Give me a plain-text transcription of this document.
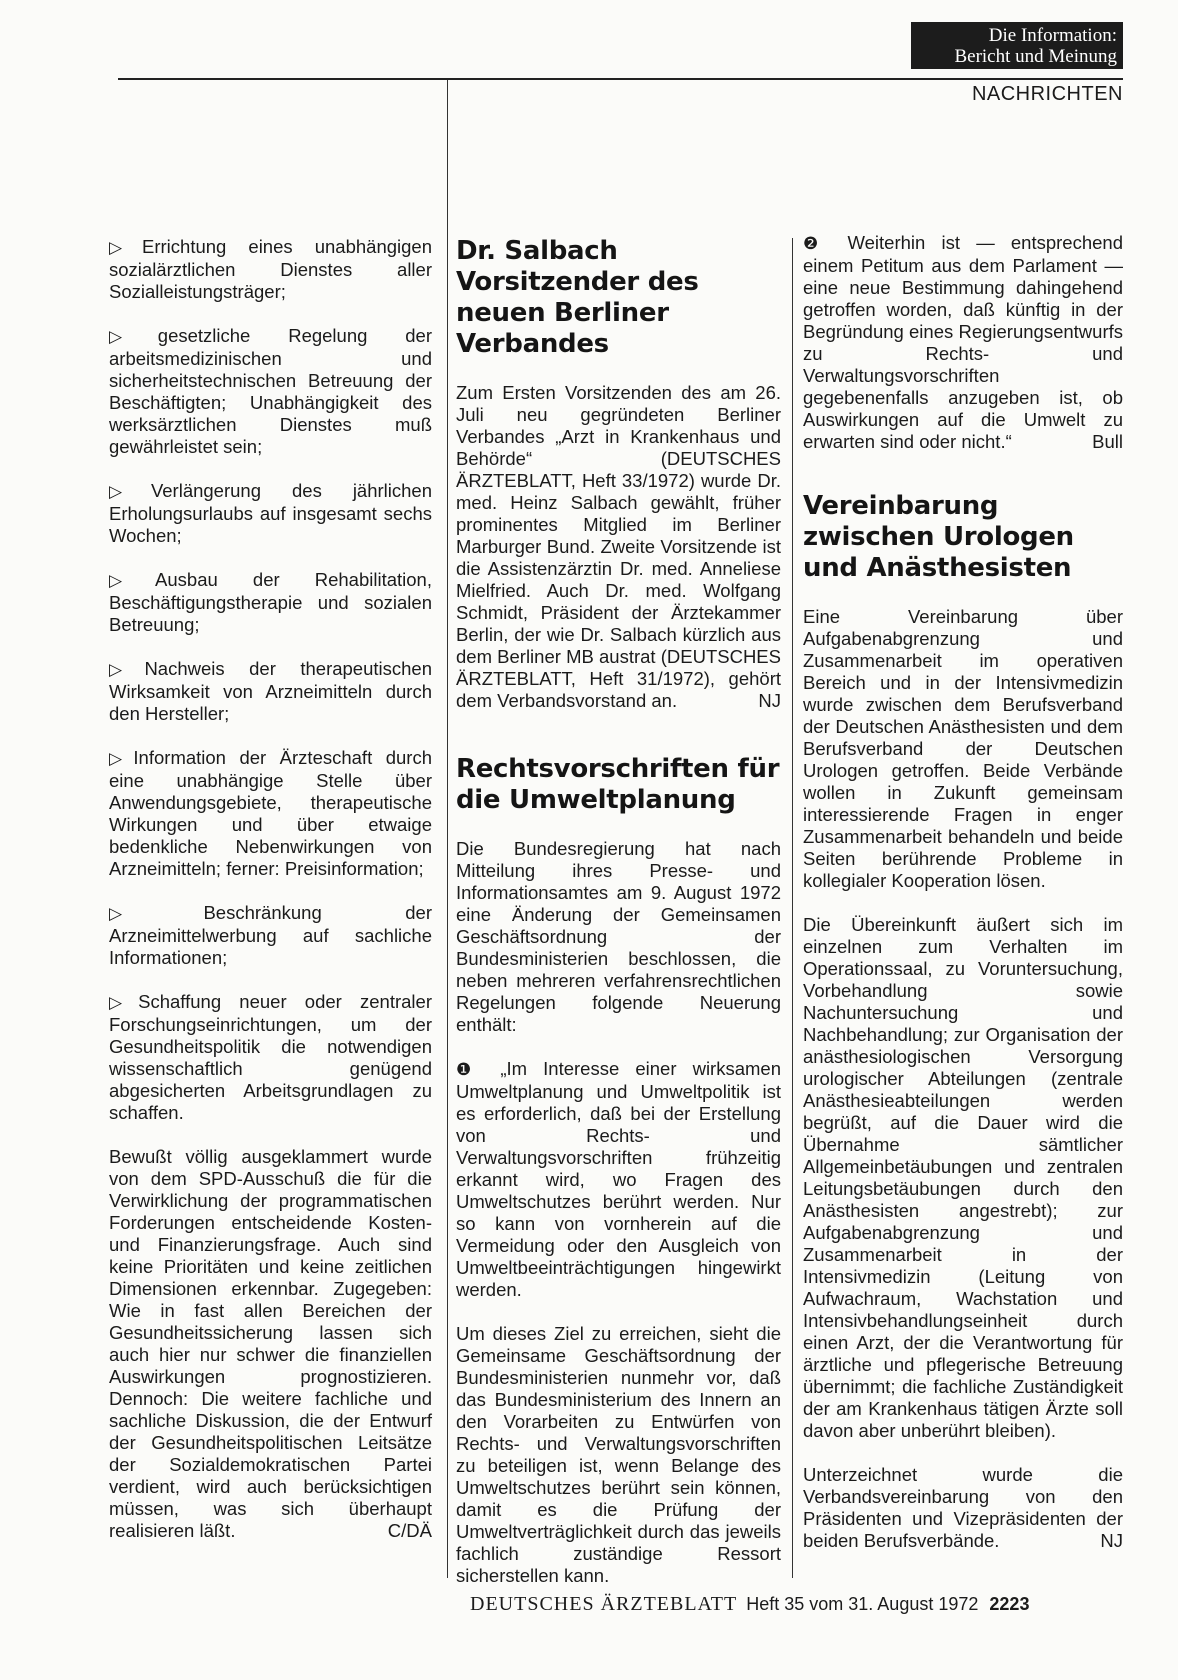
Die Information:
Bericht und Meinung
NACHRICHTEN

▷ Errichtung eines unabhängigen sozialärztlichen Dienstes aller Sozialleistungsträger;

▷ gesetzliche Regelung der arbeitsmedizinischen und sicherheitstechnischen Betreuung der Beschäftigten; Unabhängigkeit des werksärztlichen Dienstes muß gewährleistet sein;

▷ Verlängerung des jährlichen Erholungsurlaubs auf insgesamt sechs Wochen;

▷ Ausbau der Rehabilitation, Beschäftigungstherapie und sozialen Betreuung;

▷ Nachweis der therapeutischen Wirksamkeit von Arzneimitteln durch den Hersteller;

▷ Information der Ärzteschaft durch eine unabhängige Stelle über Anwendungsgebiete, therapeutische Wirkungen und über etwaige bedenkliche Nebenwirkungen von Arzneimitteln; ferner: Preisinformation;

▷ Beschränkung der Arzneimittelwerbung auf sachliche Informationen;

▷ Schaffung neuer oder zentraler Forschungseinrichtungen, um der Gesundheitspolitik die notwendigen wissenschaftlich genügend abgesicherten Arbeitsgrundlagen zu schaffen.

Bewußt völlig ausgeklammert wurde von dem SPD-Ausschuß die für die Verwirklichung der programmatischen Forderungen entscheidende Kosten- und Finanzierungsfrage. Auch sind keine Prioritäten und keine zeitlichen Dimensionen erkennbar. Zugegeben: Wie in fast allen Bereichen der Gesundheitssicherung lassen sich auch hier nur schwer die finanziellen Auswirkungen prognostizieren. Dennoch: Die weitere fachliche und sachliche Diskussion, die der Entwurf der Gesundheitspolitischen Leitsätze der Sozialdemokratischen Partei verdient, wird auch berücksichtigen müssen, was sich überhaupt realisieren läßt.	C/DÄ

Dr. Salbach Vorsitzender des neuen Berliner Verbandes

Zum Ersten Vorsitzenden des am 26. Juli neu gegründeten Berliner Verbandes „Arzt in Krankenhaus und Behörde“ (DEUTSCHES ÄRZTEBLATT, Heft 33/1972) wurde Dr. med. Heinz Salbach gewählt, früher prominentes Mitglied im Berliner Marburger Bund. Zweite Vorsitzende ist die Assistenzärztin Dr. med. Anneliese Mielfried. Auch Dr. med. Wolfgang Schmidt, Präsident der Ärztekammer Berlin, der wie Dr. Salbach kürzlich aus dem Berliner MB austrat (DEUTSCHES ÄRZTEBLATT, Heft 31/1972), gehört dem Verbandsvorstand an.	NJ

Rechtsvorschriften für die Umweltplanung

Die Bundesregierung hat nach Mitteilung ihres Presse- und Informationsamtes am 9. August 1972 eine Änderung der Gemeinsamen Geschäftsordnung der Bundesministerien beschlossen, die neben mehreren verfahrensrechtlichen Regelungen folgende Neuerung enthält:

❶ „Im Interesse einer wirksamen Umweltplanung und Umweltpolitik ist es erforderlich, daß bei der Erstellung von Rechts- und Verwaltungsvorschriften frühzeitig erkannt wird, wo Fragen des Umweltschutzes berührt werden. Nur so kann von vornherein auf die Vermeidung oder den Ausgleich von Umweltbeeinträchtigungen hingewirkt werden.

Um dieses Ziel zu erreichen, sieht die Gemeinsame Geschäftsordnung der Bundesministerien nunmehr vor, daß das Bundesministerium des Innern an den Vorarbeiten zu Entwürfen von Rechts- und Verwaltungsvorschriften zu beteiligen ist, wenn Belange des Umweltschutzes berührt sein können, damit es die Prüfung der Umweltverträglichkeit durch das jeweils fachlich zuständige Ressort sicherstellen kann.

❷ Weiterhin ist — entsprechend einem Petitum aus dem Parlament — eine neue Bestimmung dahingehend getroffen worden, daß künftig in der Begründung eines Regierungsentwurfs zu Rechts- und Verwaltungsvorschriften gegebenenfalls anzugeben ist, ob Auswirkungen auf die Umwelt zu erwarten sind oder nicht.“	Bull

Vereinbarung zwischen Urologen und Anästhesisten

Eine Vereinbarung über Aufgabenabgrenzung und Zusammenarbeit im operativen Bereich und in der Intensivmedizin wurde zwischen dem Berufsverband der Deutschen Anästhesisten und dem Berufsverband der Deutschen Urologen getroffen. Beide Verbände wollen in Zukunft gemeinsam interessierende Fragen in enger Zusammenarbeit behandeln und beide Seiten berührende Probleme in kollegialer Kooperation lösen.

Die Übereinkunft äußert sich im einzelnen zum Verhalten im Operationssaal, zu Voruntersuchung, Vorbehandlung sowie Nachuntersuchung und Nachbehandlung; zur Organisation der anästhesiologischen Versorgung urologischer Abteilungen (zentrale Anästhesieabteilungen werden begrüßt, auf die Dauer wird die Übernahme sämtlicher Allgemeinbetäubungen und zentralen Leitungsbetäubungen durch den Anästhesisten angestrebt); zur Aufgabenabgrenzung und Zusammenarbeit in der Intensivmedizin (Leitung von Aufwachraum, Wachstation und Intensivbehandlungseinheit durch einen Arzt, der die Verantwortung für ärztliche und pflegerische Betreuung übernimmt; die fachliche Zuständigkeit der am Krankenhaus tätigen Ärzte soll davon aber unberührt bleiben).

Unterzeichnet wurde die Verbandsvereinbarung von den Präsidenten und Vizepräsidenten der beiden Berufsverbände.	NJ

DEUTSCHES ÄRZTEBLATT Heft 35 vom 31. August 1972 2223
